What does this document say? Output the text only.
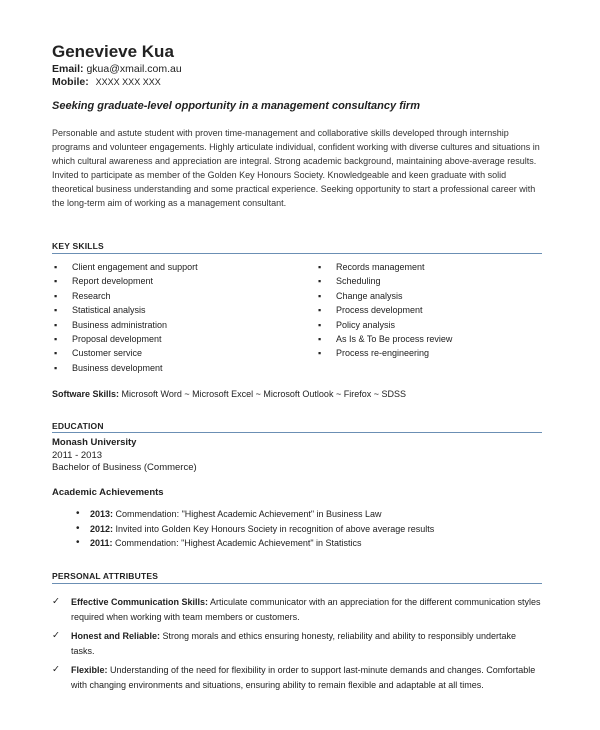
Genevieve Kua
Email: gkua@xmail.com.au
Mobile: XXXX XXX XXX
Seeking graduate-level opportunity in a management consultancy firm
Personable and astute student with proven time-management and collaborative skills developed through internship programs and volunteer engagements. Highly articulate individual, confident working with diverse cultures and situations in which cultural awareness and appreciation are integral. Strong academic background, maintaining above-average results. Invited to participate as member of the Golden Key Honours Society. Knowledgeable and keen graduate with solid theoretical business understanding and some practical experience. Seeking opportunity to start a professional career with the long-term aim of working as a management consultant.
KEY SKILLS
▪ Client engagement and support
▪ Report development
▪ Research
▪ Statistical analysis
▪ Business administration
▪ Proposal development
▪ Customer service
▪ Business development
▪ Records management
▪ Scheduling
▪ Change analysis
▪ Process development
▪ Policy analysis
▪ As Is & To Be process review
▪ Process re-engineering
Software Skills: Microsoft Word ~ Microsoft Excel ~ Microsoft Outlook ~ Firefox ~ SDSS
EDUCATION
Monash University
2011 - 2013
Bachelor of Business (Commerce)
Academic Achievements
• 2013: Commendation: "Highest Academic Achievement" in Business Law
• 2012: Invited into Golden Key Honours Society in recognition of above average results
• 2011: Commendation: "Highest Academic Achievement" in Statistics
PERSONAL ATTRIBUTES
✓ Effective Communication Skills: Articulate communicator with an appreciation for the different communication styles required when working with team members or customers.
✓ Honest and Reliable: Strong morals and ethics ensuring honesty, reliability and ability to responsibly undertake tasks.
✓ Flexible: Understanding of the need for flexibility in order to support last-minute demands and changes. Comfortable with changing environments and situations, ensuring ability to remain flexible and adaptable at all times.
